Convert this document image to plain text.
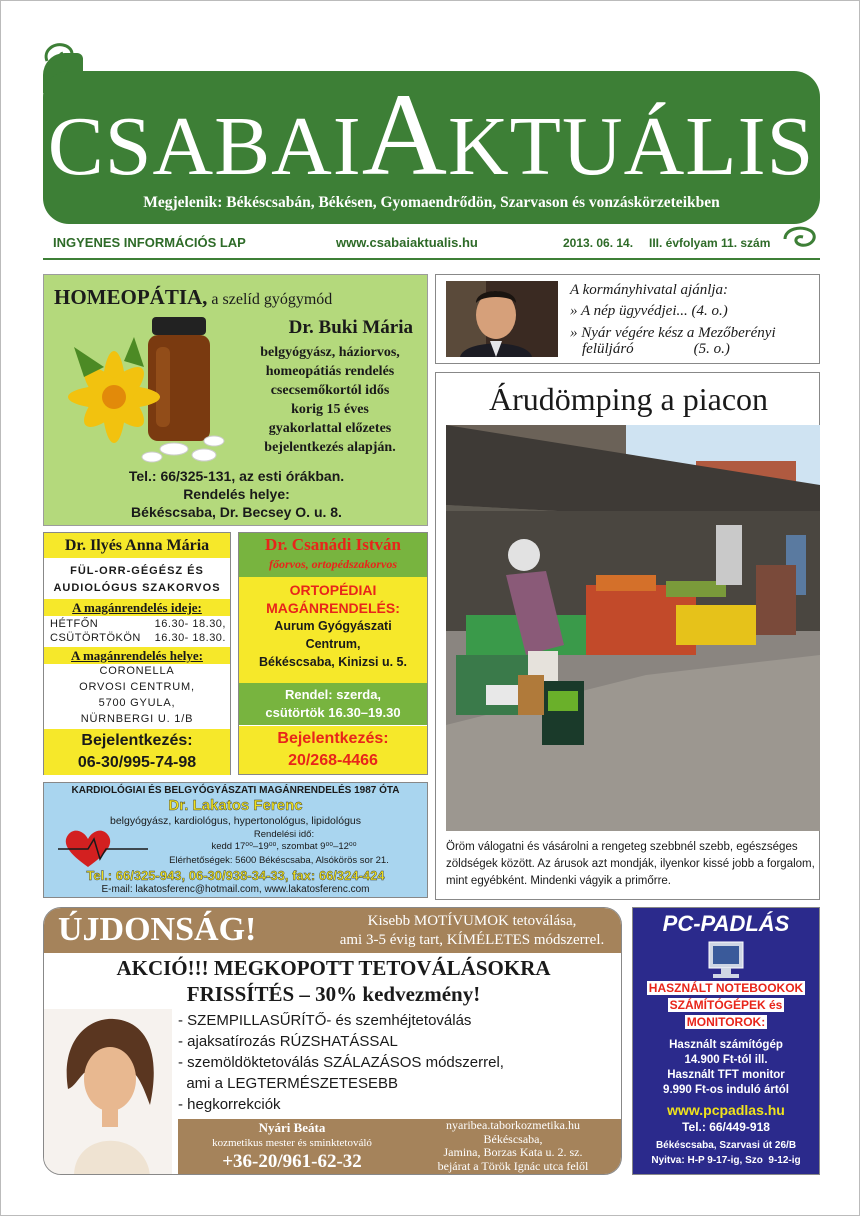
CSABAIAKTUÁLIS
Megjelenik: Békéscsabán, Békésen, Gyomaendrődön, Szarvason és vonzáskörzeteikben
INGYENES INFORMÁCIÓS LAP	www.csabaiaktualis.hu	2013. 06. 14. III. évfolyam 11. szám
HOMEOPÁTIA, a szelíd gyógymód
Dr. Buki Mária
belgyógyász, háziorvos,
homeopátiás rendelés
csecsemőkortól idős
korig 15 éves
gyakorlattal előzetes
bejelentkezés alapján.
Tel.: 66/325-131, az esti órákban.
Rendelés helye:
Békéscsaba, Dr. Becsey O. u. 8.
Dr. Ilyés Anna Mária
FÜL-ORR-GÉGÉSZ ÉS
AUDIOLÓGUS SZAKORVOS
A magánrendelés ideje:
HÉTFŐN	16.30- 18.30,
CSÜTÖRTÖKÖN 16.30- 18.30.
A magánrendelés helye:
CORONELLA
ORVOSI CENTRUM,
5700 GYULA,
NÜRNBERGI U. 1/B
Bejelentkezés:
06-30/995-74-98
Dr. Csanádi István
főorvos, ortopédszakorvos
ORTOPÉDIAI
MAGÁNRENDELÉS:
Aurum Gyógyászati
Centrum,
Békéscsaba, Kinizsi u. 5.
Rendel: szerda,
csütörtök 16.30–19.30
Bejelentkezés:
20/268-4466
KARDIOLÓGIAI ÉS BELGYÓGYÁSZATI MAGÁNRENDELÉS 1987 ÓTA
Dr. Lakatos Ferenc
belgyógyász, kardiológus, hypertonológus, lipidológus
Rendelési idő:
kedd 17⁰⁰–19⁰⁰, szombat 9⁰⁰–12⁰⁰
Elérhetőségek: 5600 Békéscsaba, Alsókörös sor 21.
Tel.: 66/325-943, 06-30/938-34-33, fax: 66/324-424
E-mail: lakatosferenc@hotmail.com, www.lakatosferenc.com
A kormányhivatal ajánlja:
» A nép ügyvédjei... (4. o.)
» Nyár végére kész a Mezőberényi
felüljáró                (5. o.)
Árudömping a piacon
Öröm válogatni és vásárolni a rengeteg szebbnél szebb, egészséges zöldségek között. Az árusok azt mondják, ilyenkor kissé jobb a forgalom, mint egyébként. Mindenki vágyik a primőrre.
ÚJDONSÁG!	Kisebb MOTÍVUMOK tetoválása,
ami 3-5 évig tart, KÍMÉLETES módszerrel.
AKCIÓ!!! MEGKOPOTT TETOVÁLÁSOKRA
FRISSÍTÉS – 30% kedvezmény!
- SZEMPILLASŰRÍTŐ- és szemhéjtetoválás
- ajaksatírozás RÚZSHATÁSSAL
- szemöldöktetoválás SZÁLAZÁSOS módszerrel,
ami a LEGTERMÉSZETESEBB
- hegkorrekciók
Nyári Beáta
kozmetikus mester és sminktetováló
+36-20/961-62-32
nyaribea.taborkozmetika.hu
Békéscsaba,
Jamina, Borzas Kata u. 2. sz.
bejárat a Török Ignác utca felől
PC-PADLÁS
HASZNÁLT NOTEBOOKOK
SZÁMÍTÓGÉPEK és
MONITOROK:
Használt számítógép
14.900 Ft-tól ill.
Használt TFT monitor
9.990 Ft-os induló ártól
www.pcpadlas.hu
Tel.: 66/449-918
Békéscsaba, Szarvasi út 26/B
Nyitva: H-P 9-17-ig, Szo  9-12-ig
